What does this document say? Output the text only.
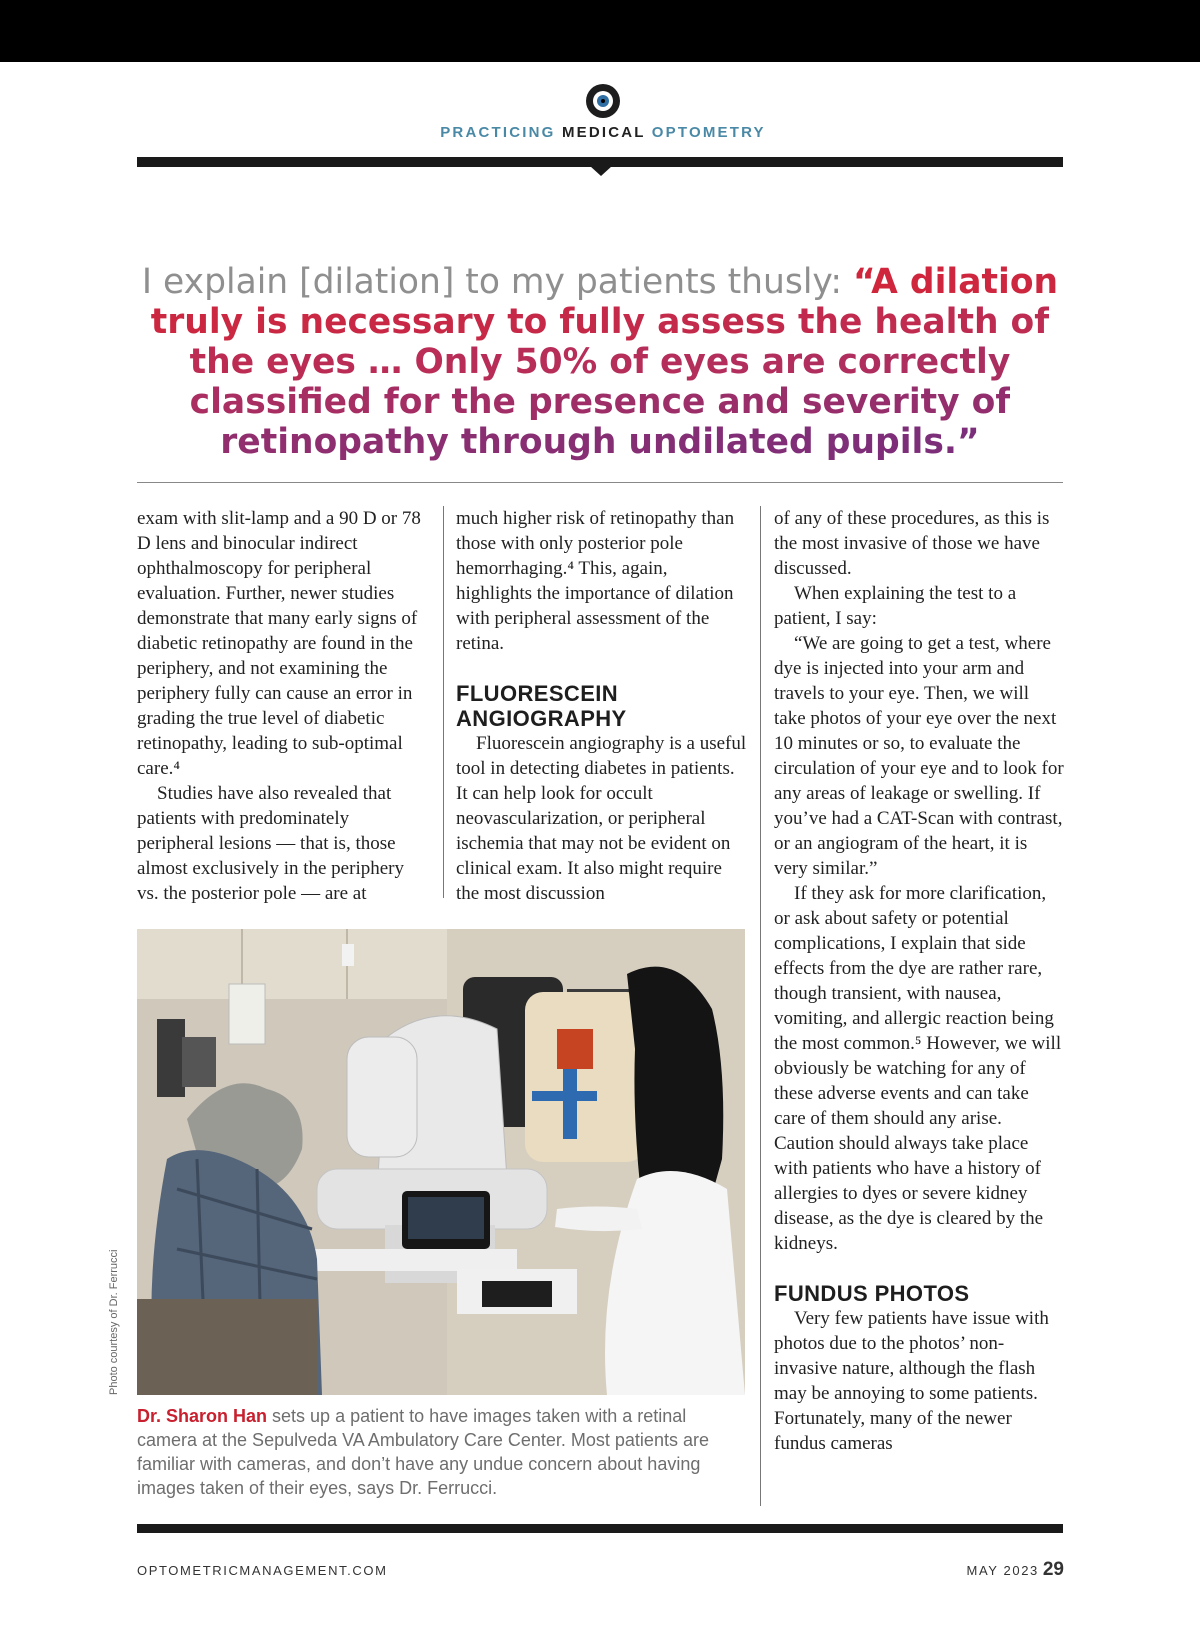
PRACTICING MEDICAL OPTOMETRY
I explain [dilation] to my patients thusly: “A dilation truly is necessary to fully assess the health of the eyes … Only 50% of eyes are correctly classified for the presence and severity of retinopathy through undilated pupils.”

exam with slit-lamp and a 90 D or 78 D lens and binocular indirect ophthalmoscopy for peripheral evaluation. Further, newer studies demonstrate that many early signs of diabetic retinopathy are found in the periphery, and not examining the periphery fully can cause an error in grading the true level of diabetic retinopathy, leading to sub-optimal care.⁴

Studies have also revealed that patients with predominately peripheral lesions — that is, those almost exclusively in the periphery vs. the posterior pole — are at

much higher risk of retinopathy than those with only posterior pole hemorrhaging.⁴ This, again, highlights the importance of dilation with peripheral assessment of the retina.

FLUORESCEIN ANGIOGRAPHY

Fluorescein angiography is a useful tool in detecting diabetes in patients. It can help look for occult neovascularization, or peripheral ischemia that may not be evident on clinical exam. It also might require the most discussion

of any of these procedures, as this is the most invasive of those we have discussed.

When explaining the test to a patient, I say:

“We are going to get a test, where dye is injected into your arm and travels to your eye. Then, we will take photos of your eye over the next 10 minutes or so, to evaluate the circulation of your eye and to look for any areas of leakage or swelling. If you’ve had a CAT-Scan with contrast, or an angiogram of the heart, it is very similar.”

If they ask for more clarification, or ask about safety or potential complications, I explain that side effects from the dye are rather rare, though transient, with nausea, vomiting, and allergic reaction being the most common.⁵ However, we will obviously be watching for any of these adverse events and can take care of them should any arise. Caution should always take place with patients who have a history of allergies to dyes or severe kidney disease, as the dye is cleared by the kidneys.

FUNDUS PHOTOS

Very few patients have issue with photos due to the photos’ non-invasive nature, although the flash may be annoying to some patients. Fortunately, many of the newer fundus cameras

Photo courtesy of Dr. Ferrucci
Dr. Sharon Han sets up a patient to have images taken with a retinal camera at the Sepulveda VA Ambulatory Care Center. Most patients are familiar with cameras, and don’t have any undue concern about having images taken of their eyes, says Dr. Ferrucci.
OPTOMETRICMANAGEMENT.COM	MAY 2023 29
